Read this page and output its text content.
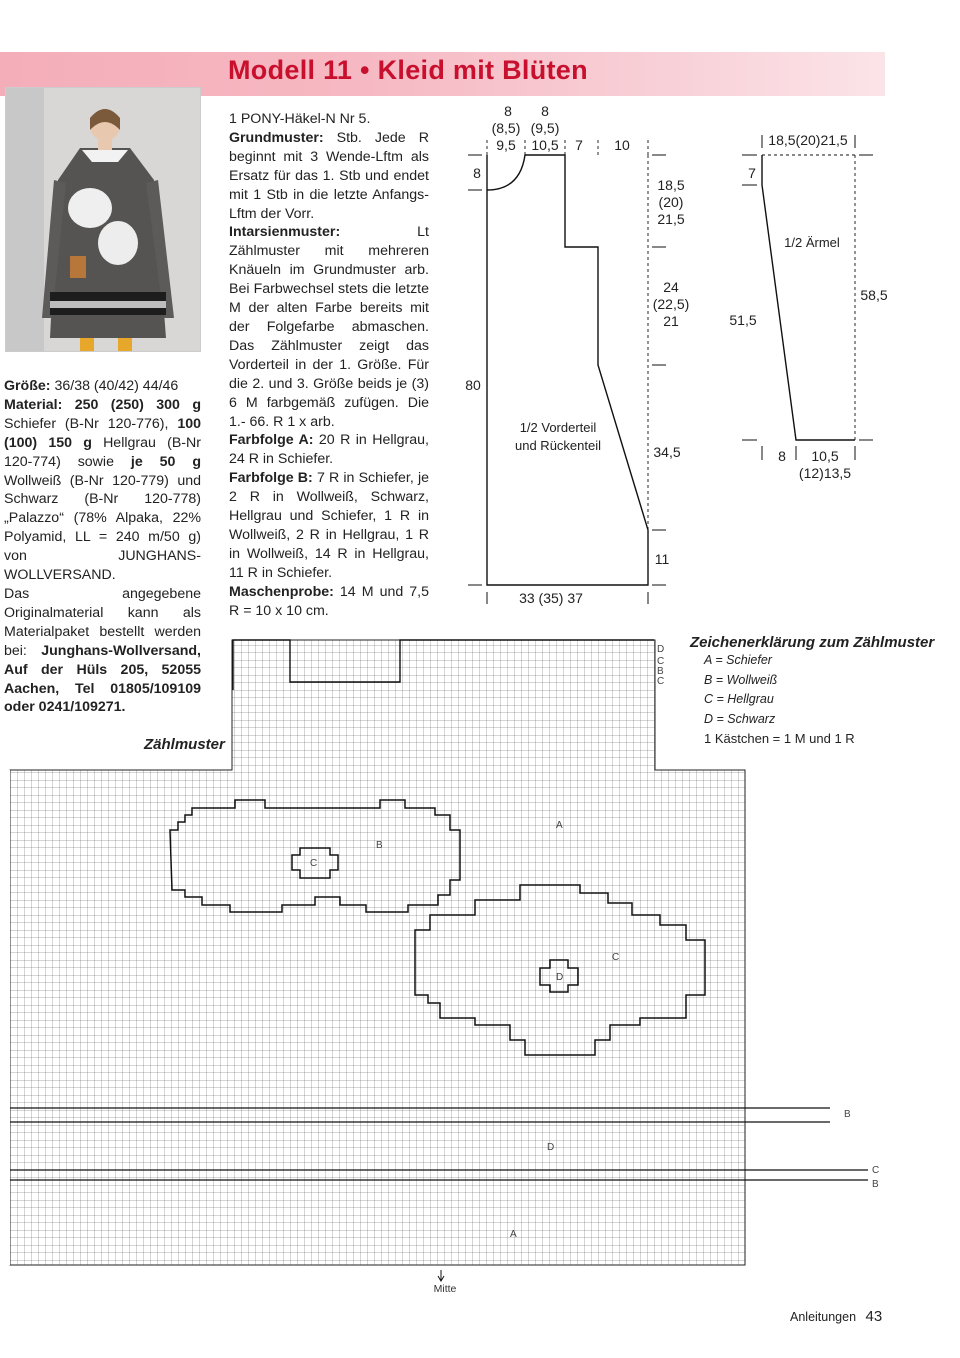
Modell 11 • Kleid mit Blüten

Größe: 36/38 (40/42) 44/46

Material: 250 (250) 300 g Schiefer (B-Nr 120-776), 100 (100) 150 g Hellgrau (B-Nr 120-774) sowie je 50 g Wollweiß (B-Nr 120-779) und Schwarz (B-Nr 120-778) „Palazzo“ (78% Alpaka, 22% Polyamid, LL = 240 m/50 g) von JUNGHANS-WOLLVERSAND.

Das angegebene Originalmaterial kann als Materialpaket bestellt werden bei: Junghans-Wollversand, Auf der Hüls 205, 52055 Aachen, Tel 01805/109109 oder 0241/109271.

1 PONY-Häkel-N Nr 5.

Grundmuster: Stb. Jede R beginnt mit 3 Wende-Lftm als Ersatz für das 1. Stb und endet mit 1 Stb in die letzte Anfangs-Lftm der Vorr.

Intarsienmuster:	Lt Zählmuster mit mehreren Knäueln im Grundmuster arb. Bei Farbwechsel stets die letzte M der alten Farbe bereits mit der Folgefarbe abmaschen. Das Zählmuster zeigt das Vorderteil in der 1. Größe. Für die 2. und 3. Größe beids je (3) 6 M farbgemäß zufügen. Die 1.- 66. R 1 x arb.

Farbfolge A: 20 R in Hellgrau, 24 R in Schiefer.

Farbfolge B: 7 R in Schiefer, je 2 R in Wollweiß, Schwarz, Hellgrau und Schiefer, 1 R in Wollweiß, 2 R in Hellgrau, 1 R in Wollweiß, 14 R in Hellgrau, 11 R in Schiefer.

Maschenprobe: 14 M und 7,5 R = 10 x 10 cm.

8 8
(8,5) (9,5)
9,5 10,5 7 10
8
80
18,5
(20)
21,5
24
(22,5)
21
34,5
11
33 (35) 37
1/2 Vorderteil
und Rückenteil
18,5(20)21,5
7
58,5
51,5
1/2 Ärmel
8 10,5
(12)13,5
Zeichenerklärung zum Zählmuster
A = Schiefer
B = Wollweiß
C = Hellgrau
D = Schwarz
1 Kästchen = 1 M und 1 R
Zählmuster
A
B
C
C
D
D
A
D
C
B
C
B
C
B
Mitte
Anleitungen 43
